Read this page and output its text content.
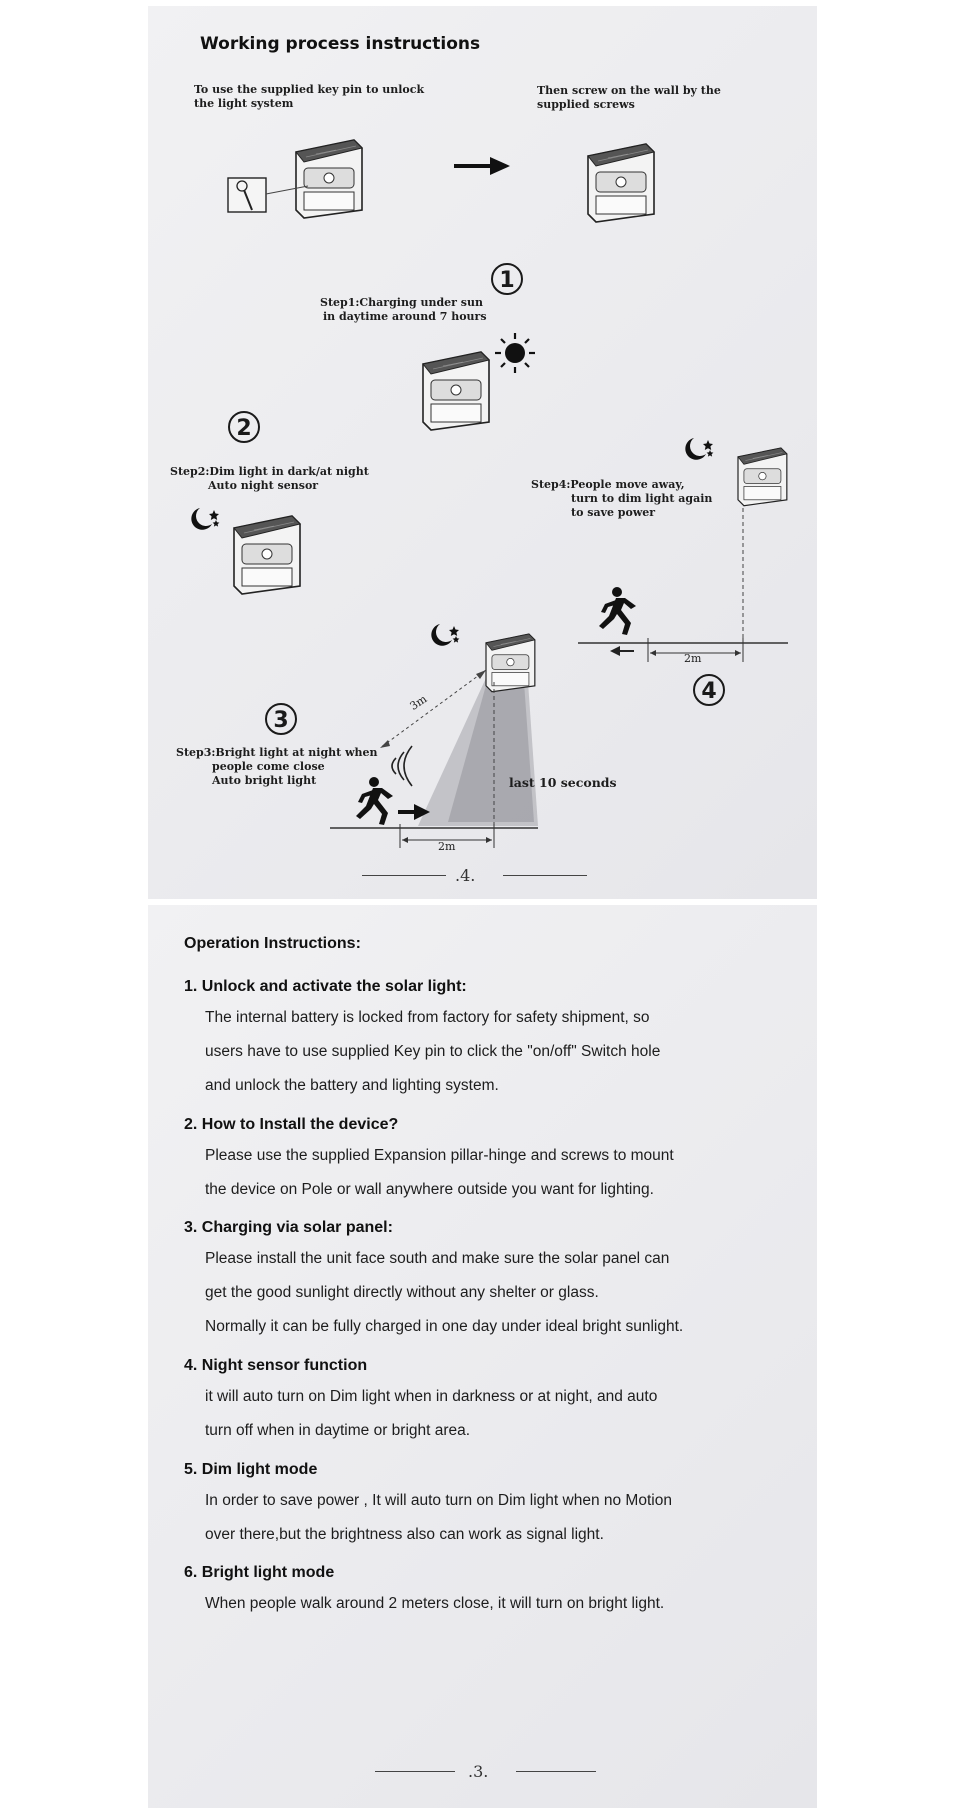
Working process instructions
To use the supplied key pin to unlock
the light system
Then screw on the wall by the
supplied screws
1
Step1:Charging under sun
in daytime around 7 hours
2
Step2:Dim light in dark/at night
Auto night sensor	Step4:People move away,
turn to dim light again
to save power
4
2m
3
Step3:Bright light at night when
people come close
Auto bright light
3m
last 10 seconds
2m
.4.
Operation Instructions:
1. Unlock and activate the solar light:
The internal battery is locked from factory for safety shipment, so
users have to use supplied Key pin to click the "on/off" Switch hole
and unlock the battery and lighting system.
2. How to Install the device?
Please use the supplied Expansion pillar-hinge and screws to mount
the device on Pole or wall anywhere outside you want for lighting.
3. Charging via solar panel:
Please install the unit face south and make sure the solar panel can
get the good sunlight directly without any shelter or glass.
Normally it can be fully charged in one day under ideal bright sunlight.
4. Night sensor function
it will auto turn on Dim light when in darkness or at night, and auto
turn off when in daytime or bright area.
5. Dim light mode
In order to save power , It will auto turn on Dim light when no Motion
over there,but the brightness also can work as signal light.
6. Bright light mode
When people walk around 2 meters close, it will turn on bright light.
.3.
